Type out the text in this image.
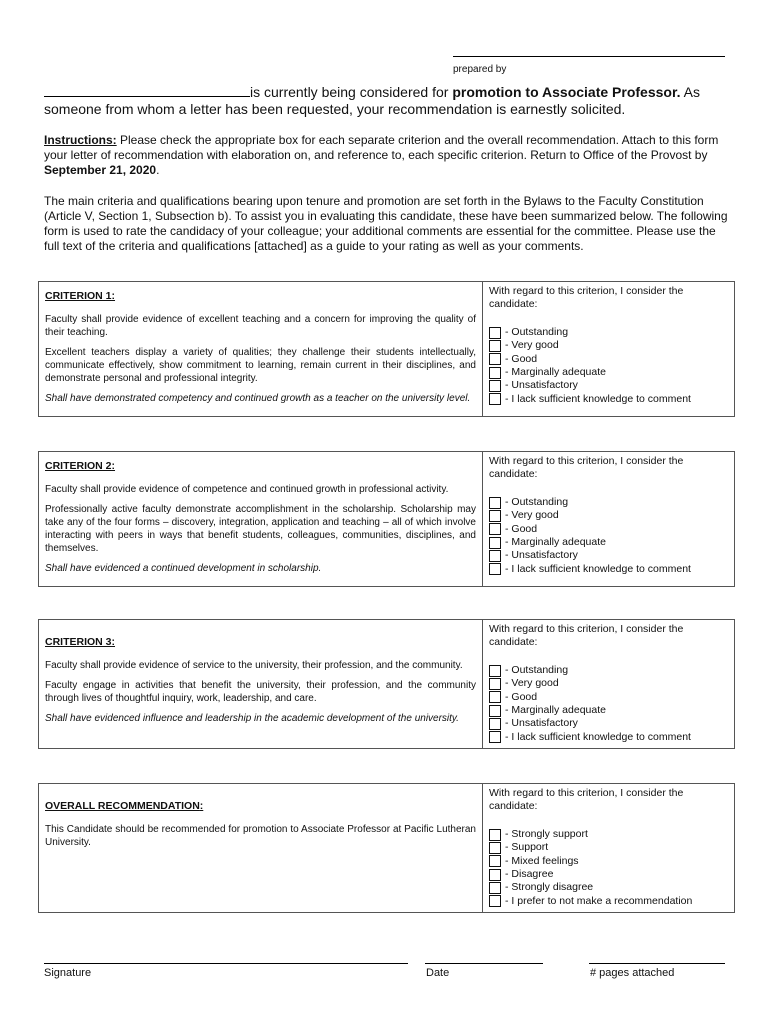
prepared by
is currently being considered for promotion to Associate Professor. As someone from whom a letter has been requested, your recommendation is earnestly solicited.
Instructions: Please check the appropriate box for each separate criterion and the overall recommendation. Attach to this form your letter of recommendation with elaboration on, and reference to, each specific criterion. Return to Office of the Provost by September 21, 2020.
The main criteria and qualifications bearing upon tenure and promotion are set forth in the Bylaws to the Faculty Constitution (Article V, Section 1, Subsection b). To assist you in evaluating this candidate, these have been summarized below. The following form is used to rate the candidacy of your colleague; your additional comments are essential for the committee. Please use the full text of the criteria and qualifications [attached] as a guide to your rating as well as your comments.
CRITERION 1:
Faculty shall provide evidence of excellent teaching and a concern for improving the quality of their teaching.
Excellent teachers display a variety of qualities; they challenge their students intellectually, communicate effectively, show commitment to learning, remain current in their disciplines, and demonstrate personal and professional integrity.
Shall have demonstrated competency and continued growth as a teacher on the university level.

With regard to this criterion, I consider the candidate:
- Outstanding
- Very good
- Good
- Marginally adequate
- Unsatisfactory
- I lack sufficient knowledge to comment
CRITERION 2:
Faculty shall provide evidence of competence and continued growth in professional activity.
Professionally active faculty demonstrate accomplishment in the scholarship. Scholarship may take any of the four forms – discovery, integration, application and teaching – all of which involve interacting with peers in ways that benefit students, colleagues, communities, disciplines, and themselves.
Shall have evidenced a continued development in scholarship.

With regard to this criterion, I consider the candidate:
- Outstanding
- Very good
- Good
- Marginally adequate
- Unsatisfactory
- I lack sufficient knowledge to comment
CRITERION 3:
Faculty shall provide evidence of service to the university, their profession, and the community.
Faculty engage in activities that benefit the university, their profession, and the community through lives of thoughtful inquiry, work, leadership, and care.
Shall have evidenced influence and leadership in the academic development of the university.

With regard to this criterion, I consider the candidate:
- Outstanding
- Very good
- Good
- Marginally adequate
- Unsatisfactory
- I lack sufficient knowledge to comment
OVERALL RECOMMENDATION:
This Candidate should be recommended for promotion to Associate Professor at Pacific Lutheran University.

With regard to this criterion, I consider the candidate:
- Strongly support
- Support
- Mixed feelings
- Disagree
- Strongly disagree
- I prefer to not make a recommendation
Signature	Date	# pages attached
